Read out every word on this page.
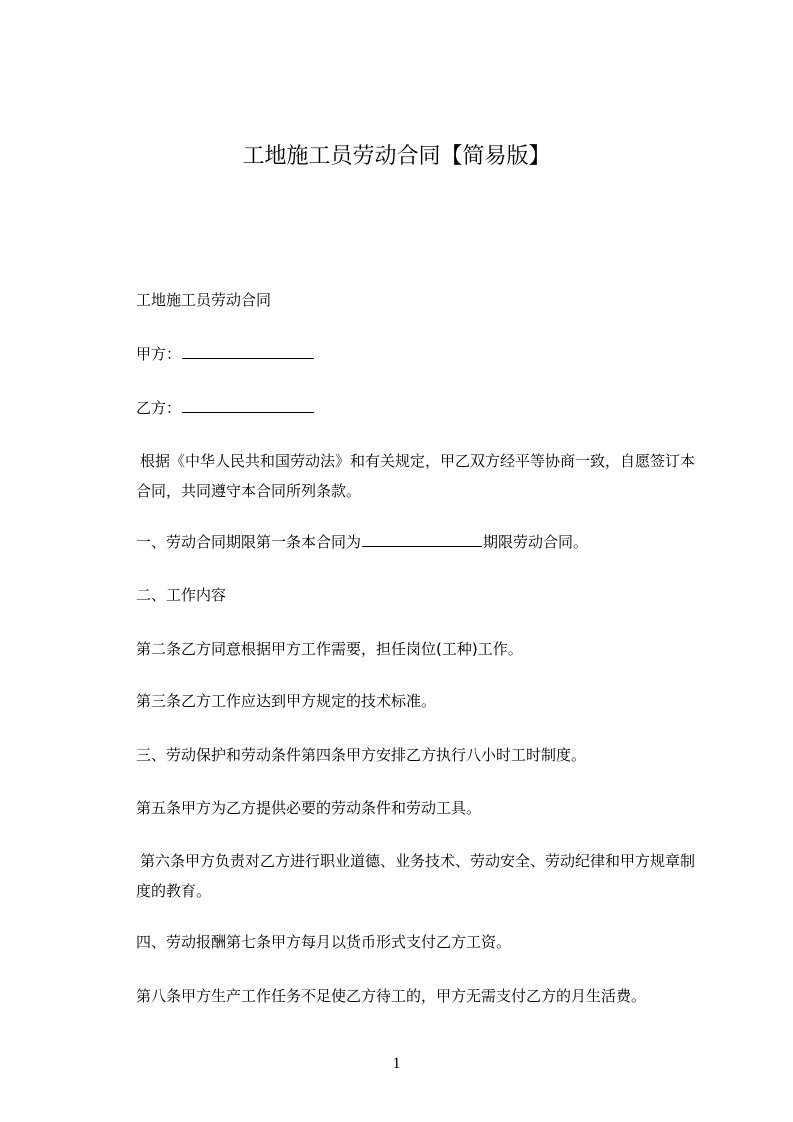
工地施工员劳动合同【简易版】
工地施工员劳动合同
甲方：
乙方：
根据《中华人民共和国劳动法》和有关规定，甲乙双方经平等协商一致，自愿签订本合同，共同遵守本合同所列条款。
一、劳动合同期限第一条本合同为	期限劳动合同。
二、工作内容
第二条乙方同意根据甲方工作需要，担任岗位(工种)工作。
第三条乙方工作应达到甲方规定的技术标准。
三、劳动保护和劳动条件第四条甲方安排乙方执行八小时工时制度。
第五条甲方为乙方提供必要的劳动条件和劳动工具。
第六条甲方负责对乙方进行职业道德、业务技术、劳动安全、劳动纪律和甲方规章制度的教育。
四、劳动报酬第七条甲方每月以货币形式支付乙方工资。
第八条甲方生产工作任务不足使乙方待工的，甲方无需支付乙方的月生活费。
1
